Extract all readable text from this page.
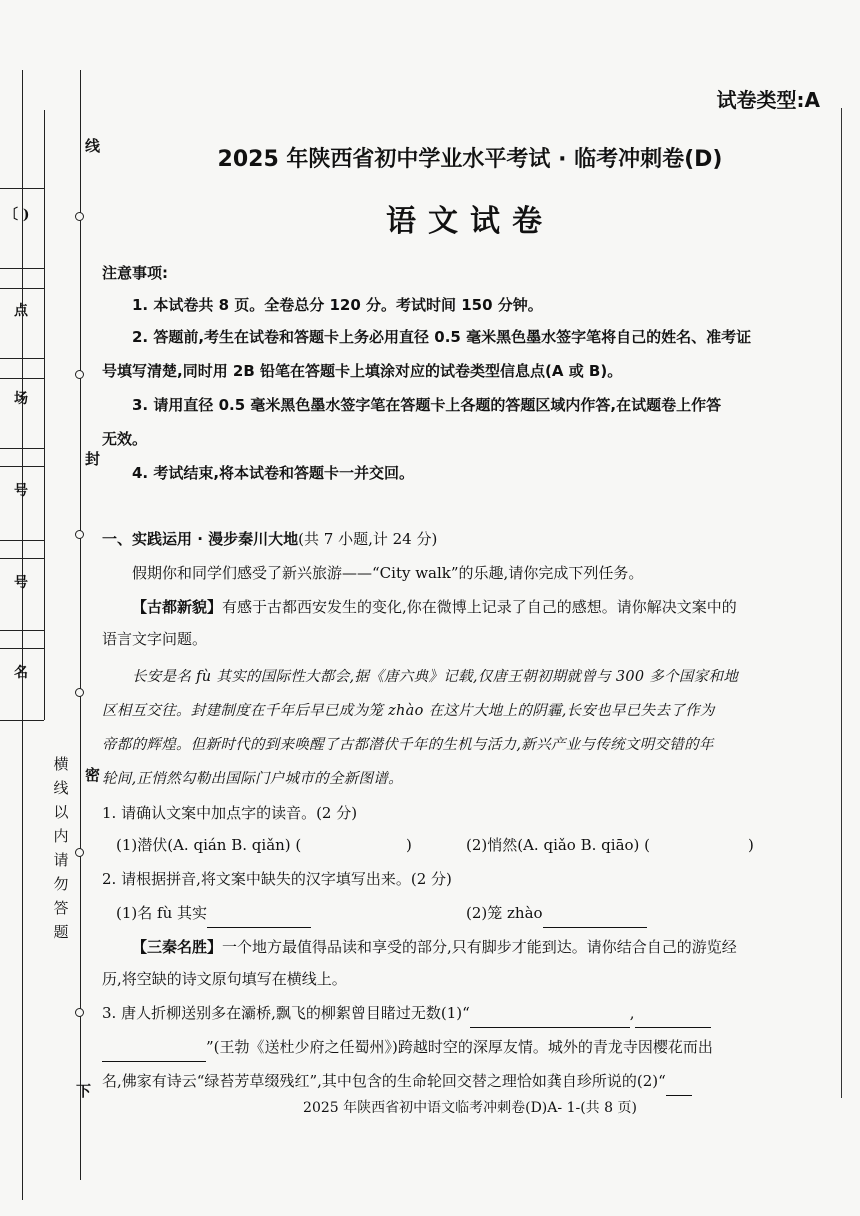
〔 )
点
场
号
号
名
线
封
密
下
横线以内请勿答题
试卷类型:A
2025 年陕西省初中学业水平考试 · 临考冲刺卷(D)
语文试卷
注意事项:
1. 本试卷共 8 页。全卷总分 120 分。考试时间 150 分钟。
2. 答题前,考生在试卷和答题卡上务必用直径 0.5 毫米黑色墨水签字笔将自己的姓名、准考证
号填写清楚,同时用 2B 铅笔在答题卡上填涂对应的试卷类型信息点(A 或 B)。
3. 请用直径 0.5 毫米黑色墨水签字笔在答题卡上各题的答题区域内作答,在试题卷上作答
无效。
4. 考试结束,将本试卷和答题卡一并交回。
一、实践运用 · 漫步秦川大地(共 7 小题,计 24 分)
假期你和同学们感受了新兴旅游——“City walk”的乐趣,请你完成下列任务。
【古都新貌】有感于古都西安发生的变化,你在微博上记录了自己的感想。请你解决文案中的
语言文字问题。
长安是名 fù 其实的国际性大都会,据《唐六典》记载,仅唐王朝初期就曾与 300 多个国家和地
区相互交往。封建制度在千年后早已成为笼 zhào 在这片大地上的阴霾,长安也早已失去了作为
帝都的辉煌。但新时代的到来唤醒了古都潜伏千年的生机与活力,新兴产业与传统文明交错的年
轮间,正悄然勾勒出国际门户城市的全新图谱。
1. 请确认文案中加点字的读音。(2 分)
(1)潜伏(A. qián B. qiǎn) (	)	(2)悄然(A. qiǎo B. qiāo) (	)
2. 请根据拼音,将文案中缺失的汉字填写出来。(2 分)
(1)名 fù 其实	(2)笼 zhào
【三秦名胜】一个地方最值得品读和享受的部分,只有脚步才能到达。请你结合自己的游览经
历,将空缺的诗文原句填写在横线上。
3. 唐人折柳送别多在灞桥,飘飞的柳絮曾目睹过无数(1)“	,
”(王勃《送杜少府之任蜀州》)跨越时空的深厚友情。城外的青龙寺因樱花而出
名,佛家有诗云“绿苔芳草缀残红”,其中包含的生命轮回交替之理恰如龚自珍所说的(2)“
2025 年陕西省初中语文临考冲刺卷(D)A- 1-(共 8 页)
